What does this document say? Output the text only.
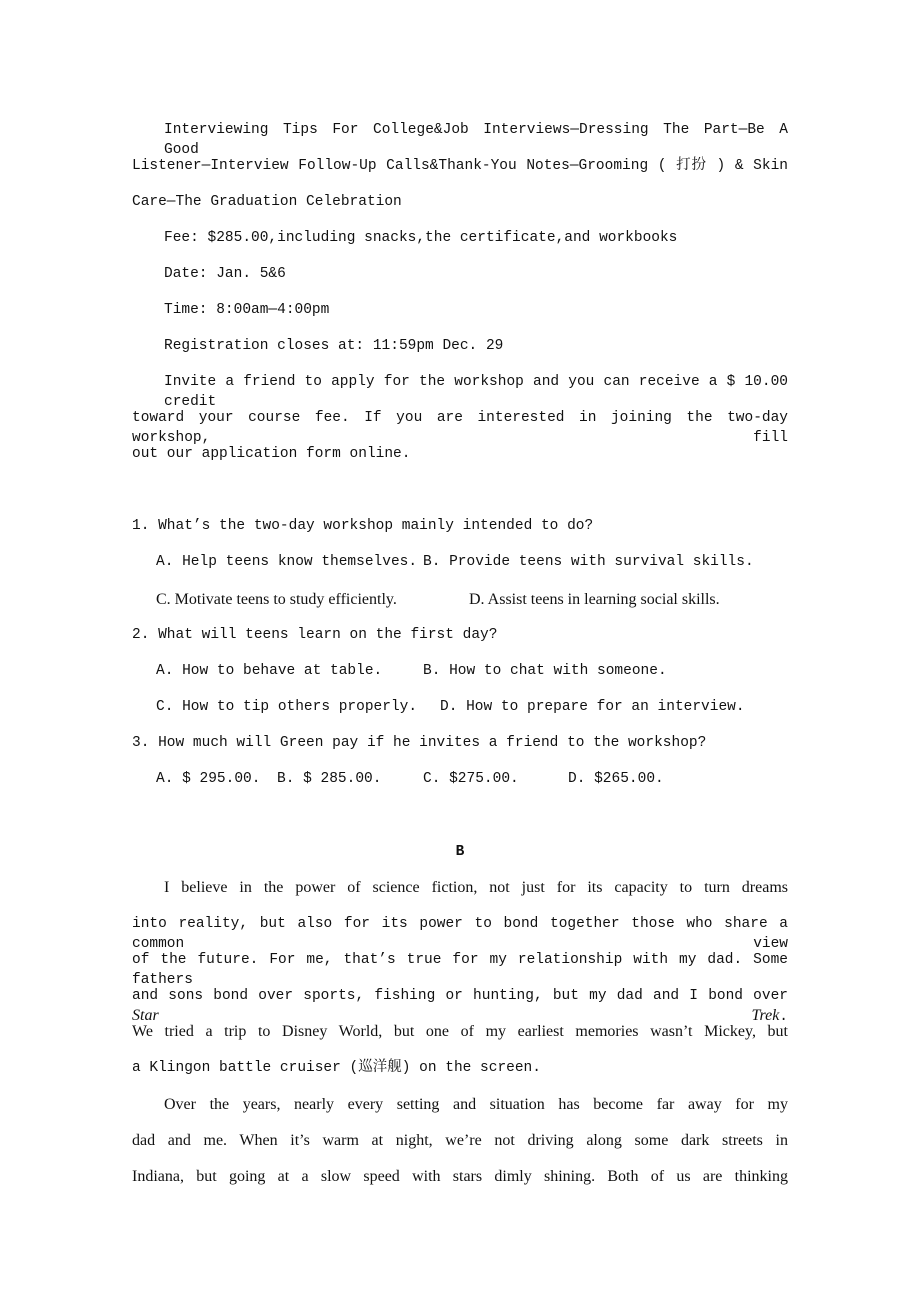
Interviewing Tips For College&Job Interviews—Dressing The Part—Be A Good
Listener—Interview Follow-Up Calls&Thank-You Notes—Grooming ( 打扮 ) & Skin
Care—The Graduation Celebration
Fee: $285.00,including snacks,the certificate,and workbooks
Date: Jan. 5&6
Time: 8:00am—4:00pm
Registration closes at: 11:59pm Dec. 29
Invite a friend to apply for the workshop and you can receive a $ 10.00 credit
toward your course fee. If you are interested in joining the two-day workshop, fill
out our application form online.
1. What’s the two-day workshop mainly intended to do?
A. Help teens know themselves. B. Provide teens with survival skills.
C. Motivate teens to study efficiently.	D. Assist teens in learning social skills.
2. What will teens learn on the first day?
A. How to behave at table.	B. How to chat with someone.
C. How to tip others properly. D. How to prepare for an interview.
3. How much will Green pay if he invites a friend to the workshop?
A. $ 295.00. B. $ 285.00.	C. $275.00.	D. $265.00.
B
I believe in the power of science fiction, not just for its capacity to turn dreams
into reality, but also for its power to bond together those who share a common view
of the future. For me, that’s true for my relationship with my dad. Some fathers
and sons bond over sports, fishing or hunting, but my dad and I bond over Star Trek.
We tried a trip to Disney World, but one of my earliest memories wasn’t Mickey, but
a Klingon battle cruiser (巡洋舰) on the screen.
Over the years, nearly every setting and situation has become far away for my
dad and me. When it’s warm at night, we’re not driving along some dark streets in
Indiana, but going at a slow speed with stars dimly shining. Both of us are thinking
